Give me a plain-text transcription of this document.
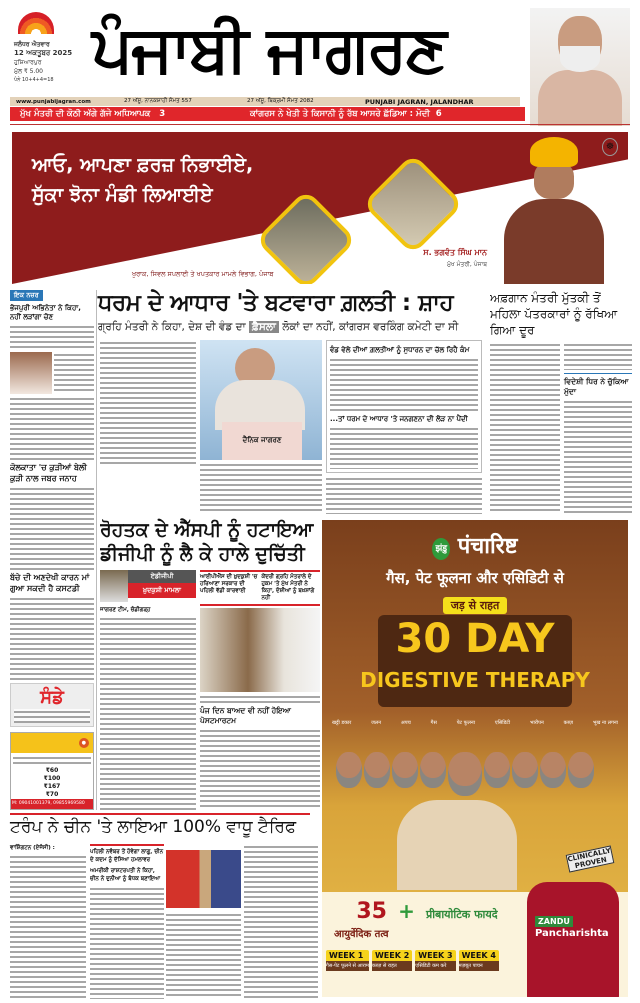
ਜਲੰਧਰ ਐਤਵਾਰ
12 ਅਕਤੂਬਰ 2025
ਹੁਸ਼ਿਆਰਪੁਰ
ਮੁੱਲ ₹ 5.00
ਪੰਨੇ 10+4+4=18 ਪੰਜਾਬੀ ਜਾਗਰਣ
www.punjabijagran.com	27 ਅੱਸੂ, ਨਾਨਕਸ਼ਾਹੀ ਸੰਮਤ 557	27 ਅੱਸੂ, ਬਿਕ੍ਰਮੀ ਸੰਮਤ 2082	PUNJABI JAGRAN, JALANDHAR
ਮੁੱਖ ਮੰਤਰੀ ਦੀ ਕੋਠੀ ਅੱਗੇ ਗੱਜੇ ਅਧਿਆਪਕ 3	ਕਾਂਗਰਸ ਨੇ ਖੇਤੀ ਤੇ ਕਿਸਾਨੀ ਨੂੰ ਰੱਬ ਆਸਰੇ ਛੱਡਿਆ : ਮੋਦੀ 6
ਆਓ, ਆਪਣਾ ਫ਼ਰਜ਼ ਨਿਭਾਈਏ,
ਸੁੱਕਾ ਝੋਨਾ ਮੰਡੀ ਲਿਆਈਏ
ਖੁਰਾਕ, ਸਿਵਲ ਸਪਲਾਈ ਤੇ ਖਪਤਕਾਰ ਮਾਮਲੇ ਵਿਭਾਗ, ਪੰਜਾਬ
ਸ. ਭਗਵੰਤ ਸਿੰਘ ਮਾਨ
ਮੁੱਖ ਮੰਤਰੀ, ਪੰਜਾਬ
☸
ਇਕ ਨਜ਼ਰ
ਭੋਜਪੁਰੀ ਅਭਿਨੇਤਾ ਨੇ ਕਿਹਾ, ਨਹੀਂ ਲੜਾਂਗਾ ਚੋਣ
ਕੋਲਕਾਤਾ 'ਚ ਕੁੜੀਆਂ ਬੇਲੀ ਕੁੜੀ ਨਾਲ ਜਬਰ ਜਨਾਹ
ਬੱਚੇ ਦੀ ਅਣਦੇਖੀ ਕਾਰਨ ਮਾਂ ਗੁਆ ਸਕਦੀ ਹੈ ਕਸਟਡੀ
ਸੰਡੇ
●
₹60
₹100
₹167
₹70
M: 09041001379, 09855969580
ਧਰਮ ਦੇ ਆਧਾਰ 'ਤੇ ਬਟਵਾਰਾ ਗ਼ਲਤੀ : ਸ਼ਾਹ
ਗ੍ਰਹਿ ਮੰਤਰੀ ਨੇ ਕਿਹਾ, ਦੇਸ਼ ਦੀ ਵੰਡ ਦਾ ਫ਼ੈਸਲਾ ਲੋਕਾਂ ਦਾ ਨਹੀਂ, ਕਾਂਗਰਸ ਵਰਕਿੰਗ ਕਮੇਟੀ ਦਾ ਸੀ
ਦੈਨਿਕ ਜਾਗਰਣ
ਵੰਡ ਵੇਲੇ ਦੀਆਂ ਗ਼ਲਤੀਆਂ ਨੂੰ ਸੁਧਾਰਨ ਦਾ ਚੱਲ ਰਿਹੈ ਕੰਮ
...ਤਾਂ ਧਰਮ ਦੇ ਆਧਾਰ 'ਤੇ ਜਨਗਣਨਾ ਦੀ ਲੋੜ ਨਾ ਪੈਂਦੀ
ਅਫ਼ਗਾਨ ਮੰਤਰੀ ਮੁੱਤਕੀ ਤੋਂ ਮਹਿਲਾ ਪੱਤਰਕਾਰਾਂ ਨੂੰ ਰੱਖਿਆ ਗਿਆ ਦੂਰ
ਵਿਦੇਸ਼ੀ ਧਿਰ ਨੇ ਚੁੱਕਿਆ ਮੁੱਦਾ
ਰੋਹਤਕ ਦੇ ਐੱਸਪੀ ਨੂੰ ਹਟਾਇਆ ਡੀਜੀਪੀ ਨੂੰ ਲੈ ਕੇ ਹਾਲੇ ਦੁਚਿੱਤੀ
ਏਡੀਜੀਪੀ
ਖ਼ੁਦਕੁਸ਼ੀ ਮਾਮਲਾ
ਜਾਗਰਣ ਟੀਮ, ਚੰਡੀਗੜ੍ਹ
ਆਈਪੀਐੱਸ ਦੀ ਖ਼ੁਦਕੁਸ਼ੀ 'ਚ ਹਰਿਆਣਾ ਸਰਕਾਰ ਦੀ ਪਹਿਲੀ ਵੱਡੀ ਕਾਰਵਾਈ
ਕੇਂਦਰੀ ਗ੍ਰਹਿ ਮੰਤਰਾਲੇ ਦੇ ਹੁਕਮ 'ਤੇ ਮੁੱਖ ਮੰਤਰੀ ਨੇ ਕਿਹਾ, ਦੋਸ਼ੀਆਂ ਨੂੰ ਬਖ਼ਸ਼ਾਂਗੇ ਨਹੀਂ
ਪੰਜ ਦਿਨ ਬਾਅਦ ਵੀ ਨਹੀਂ ਹੋਇਆ ਪੋਸਟਮਾਰਟਮ
झंडु पंचारिष्ट
गैस, पेट फूलना और एसिडिटी से
जड़ से राहत
30 DAY
DIGESTIVE THERAPY
खट्टी डकार	जलन	अपच	गैस	पेट फूलना	एसिडिटी	भारीपन	कब्ज़	भूख ना लगना
35 + प्रीबायोटिक फायदे
आयुर्वेदिक तत्व
WEEK 1
गैस-पेट फूलने से आराम
WEEK 2
कब्ज़ से राहत
WEEK 3
एसिडिटी कम करे
WEEK 4
मज़बूत पाचन
ZANDU
Pancharishta
CLINICALLY PROVEN
ਟਰੰਪ ਨੇ ਚੀਨ 'ਤੇ ਲਾਇਆ 100% ਵਾਧੂ ਟੈਰਿਫ
ਵਾਸ਼ਿੰਗਟਨ (ਏਜੰਸੀ) :
ਪਹਿਲੀ ਨਵੰਬਰ ਤੋਂ ਹੋਵੇਗਾ ਲਾਗੂ, ਚੀਨ ਦੇ ਕਦਮ ਨੂੰ ਦੱਸਿਆ ਹਮਲਾਵਰ
ਅਮਰੀਕੀ ਰਾਸ਼ਟਰਪਤੀ ਨੇ ਕਿਹਾ, ਚੀਨ ਨੇ ਦੁਨੀਆ ਨੂੰ ਬੰਧਕ ਬਣਾਇਆ
